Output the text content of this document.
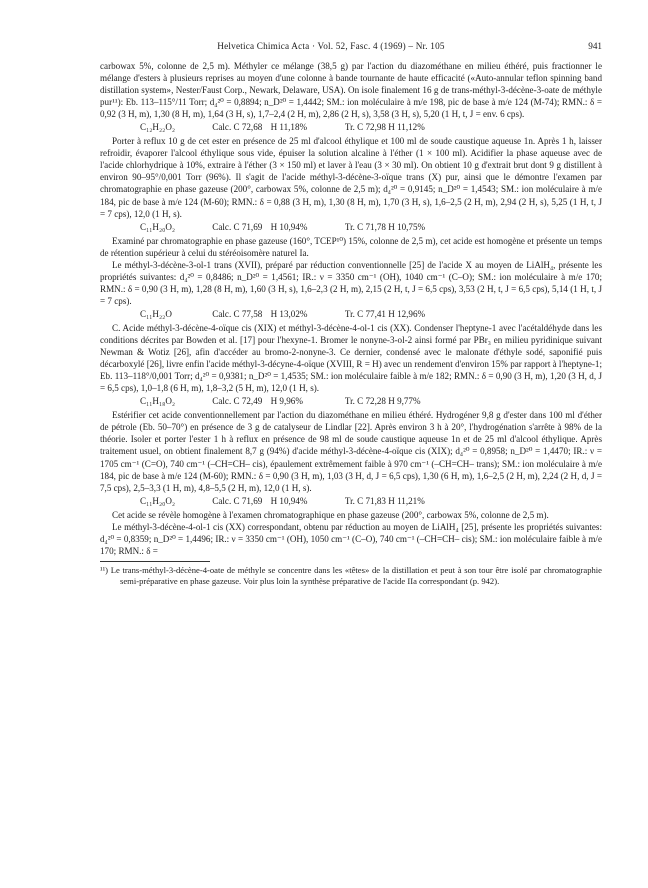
Helvetica Chimica Acta · Vol. 52, Fasc. 4 (1969) – Nr. 105	941

carbowax 5%, colonne de 2,5 m). Méthyler ce mélange (38,5 g) par l'action du diazométhane en milieu éthéré, puis fractionner le mélange d'esters à plusieurs reprises au moyen d'une colonne à bande tournante de haute efficacité («Auto-annular teflon spinning band distillation system», Nester/Faust Corp., Newark, Delaware, USA). On isole finalement 16 g de trans-méthyl-3-décène-3-oate de méthyle pur¹¹): Eb. 113–115°/11 Torr; d₄²⁰ = 0,8894; n_D²⁰ = 1,4442; SM.: ion moléculaire à m/e 198, pic de base à m/e 124 (M-74); RMN.: δ = 0,92 (3 H, m), 1,30 (8 H, m), 1,64 (3 H, s), 1,7–2,4 (2 H, m), 2,86 (2 H, s), 3,58 (3 H, s), 5,20 (1 H, t, J = env. 6 cps).

C₁₂H₂₂O₂	Calc. C 72,68 H 11,18%	Tr. C 72,98 H 11,12%

Porter à reflux 10 g de cet ester en présence de 25 ml d'alcool éthylique et 100 ml de soude caustique aqueuse 1n. Après 1 h, laisser refroidir, évaporer l'alcool éthylique sous vide, épuiser la solution alcaline à l'éther (1 × 100 ml). Acidifier la phase aqueuse avec de l'acide chlorhydrique à 10%, extraire à l'éther (3 × 150 ml) et laver à l'eau (3 × 30 ml). On obtient 10 g d'extrait brut dont 9 g distillent à environ 90–95°/0,001 Torr (96%). Il s'agit de l'acide méthyl-3-décène-3-oïque trans (X) pur, ainsi que le démontre l'examen par chromatographie en phase gazeuse (200°, carbowax 5%, colonne de 2,5 m); d₄²⁰ = 0,9145; n_D²⁰ = 1,4543; SM.: ion moléculaire à m/e 184, pic de base à m/e 124 (M-60); RMN.: δ = 0,88 (3 H, m), 1,30 (8 H, m), 1,70 (3 H, s), 1,6–2,5 (2 H, m), 2,94 (2 H, s), 5,25 (1 H, t, J = 7 cps), 12,0 (1 H, s).

C₁₁H₂₀O₂	Calc. C 71,69 H 10,94%	Tr. C 71,78 H 10,75%

Examiné par chromatographie en phase gazeuse (160°, TCEP¹⁰) 15%, colonne de 2,5 m), cet acide est homogène et présente un temps de rétention supérieur à celui du stéréoisomère naturel Ia.

Le méthyl-3-décène-3-ol-1 trans (XVII), préparé par réduction conventionnelle [25] de l'acide X au moyen de LiAlH₄, présente les propriétés suivantes: d₄²⁰ = 0,8486; n_D²⁰ = 1,4561; IR.: ν = 3350 cm⁻¹ (OH), 1040 cm⁻¹ (C–O); SM.: ion moléculaire à m/e 170; RMN.: δ = 0,90 (3 H, m), 1,28 (8 H, m), 1,60 (3 H, s), 1,6–2,3 (2 H, m), 2,15 (2 H, t, J = 6,5 cps), 3,53 (2 H, t, J = 6,5 cps), 5,14 (1 H, t, J = 7 cps).

C₁₁H₂₂O	Calc. C 77,58 H 13,02%	Tr. C 77,41 H 12,96%

C. Acide méthyl-3-décène-4-oïque cis (XIX) et méthyl-3-décène-4-ol-1 cis (XX). Condenser l'heptyne-1 avec l'acétaldéhyde dans les conditions décrites par Bowden et al. [17] pour l'hexyne-1. Bromer le nonyne-3-ol-2 ainsi formé par PBr₃ en milieu pyridinique suivant Newman & Wotiz [26], afin d'accéder au bromo-2-nonyne-3. Ce dernier, condensé avec le malonate d'éthyle sodé, saponifié puis décarboxylé [26], livre enfin l'acide méthyl-3-décyne-4-oïque (XVIII, R = H) avec un rendement d'environ 15% par rapport à l'heptyne-1; Eb. 113–118°/0,001 Torr; d₄²⁰ = 0,9381; n_D²⁰ = 1,4535; SM.: ion moléculaire faible à m/e 182; RMN.: δ = 0,90 (3 H, m), 1,20 (3 H, d, J = 6,5 cps), 1,0–1,8 (6 H, m), 1,8–3,2 (5 H, m), 12,0 (1 H, s).

C₁₁H₁₈O₂	Calc. C 72,49 H 9,96%	Tr. C 72,28 H 9,77%

Estérifier cet acide conventionnellement par l'action du diazométhane en milieu éthéré. Hydrogéner 9,8 g d'ester dans 100 ml d'éther de pétrole (Eb. 50–70°) en présence de 3 g de catalyseur de Lindlar [22]. Après environ 3 h à 20°, l'hydrogénation s'arrête à 98% de la théorie. Isoler et porter l'ester 1 h à reflux en présence de 98 ml de soude caustique aqueuse 1n et de 25 ml d'alcool éthylique. Après traitement usuel, on obtient finalement 8,7 g (94%) d'acide méthyl-3-décène-4-oïque cis (XIX); d₄²⁰ = 0,8958; n_D²⁰ = 1,4470; IR.: ν = 1705 cm⁻¹ (C=O), 740 cm⁻¹ (–CH=CH– cis), épaulement extrêmement faible à 970 cm⁻¹ (–CH=CH– trans); SM.: ion moléculaire à m/e 184, pic de base à m/e 124 (M-60); RMN.: δ = 0,90 (3 H, m), 1,03 (3 H, d, J = 6,5 cps), 1,30 (6 H, m), 1,6–2,5 (2 H, m), 2,24 (2 H, d, J = 7,5 cps), 2,5–3,3 (1 H, m), 4,8–5,5 (2 H, m), 12,0 (1 H, s).

C₁₁H₂₀O₂	Calc. C 71,69 H 10,94%	Tr. C 71,83 H 11,21%

Cet acide se révèle homogène à l'examen chromatographique en phase gazeuse (200°, carbowax 5%, colonne de 2,5 m).

Le méthyl-3-décène-4-ol-1 cis (XX) correspondant, obtenu par réduction au moyen de LiAlH₄ [25], présente les propriétés suivantes: d₄²⁰ = 0,8359; n_D²⁰ = 1,4496; IR.: ν = 3350 cm⁻¹ (OH), 1050 cm⁻¹ (C–O), 740 cm⁻¹ (–CH=CH– cis); SM.: ion moléculaire faible à m/e 170; RMN.: δ =

¹¹) Le trans-méthyl-3-décène-4-oate de méthyle se concentre dans les «têtes» de la distillation et peut à son tour être isolé par chromatographie semi-préparative en phase gazeuse. Voir plus loin la synthèse préparative de l'acide IIa correspondant (p. 942).
